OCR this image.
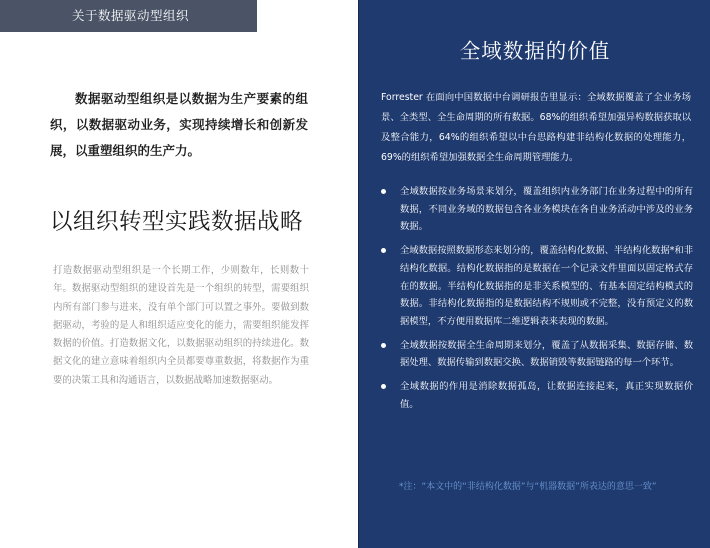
关于数据驱动型组织
数据驱动型组织是以数据为生产要素的组织，以数据驱动业务，实现持续增长和创新发展，以重塑组织的生产力。
以组织转型实践数据战略
打造数据驱动型组织是一个长期工作，少则数年，长则数十年。数据驱动型组织的建设首先是一个组织的转型，需要组织内所有部门参与进来，没有单个部门可以置之事外。要做到数据驱动，考验的是人和组织适应变化的能力，需要组织能发挥数据的价值。打造数据文化，以数据驱动组织的持续进化。数据文化的建立意味着组织内全员都要尊重数据，将数据作为重要的决策工具和沟通语言，以数据战略加速数据驱动。
全域数据的价值
Forrester 在面向中国数据中台调研报告里显示：全域数据覆盖了全业务场景、全类型、全生命周期的所有数据。68%的组织希望加强异构数据获取以及整合能力，64%的组织希望以中台思路构建非结构化数据的处理能力，69%的组织希望加强数据全生命周期管理能力。
全域数据按业务场景来划分，覆盖组织内业务部门在业务过程中的所有数据，不同业务域的数据包含各业务模块在各自业务活动中涉及的业务数据。
全域数据按照数据形态来划分的，覆盖结构化数据、半结构化数据*和非结构化数据。结构化数据指的是数据在一个记录文件里面以固定格式存在的数据。半结构化数据指的是非关系模型的、有基本固定结构模式的数据。非结构化数据指的是数据结构不规则或不完整，没有预定义的数据模型，不方便用数据库二维逻辑表来表现的数据。
全域数据按数据全生命周期来划分，覆盖了从数据采集、数据存储、数据处理、数据传输到数据交换、数据销毁等数据链路的每一个环节。
全域数据的作用是消除数据孤岛，让数据连接起来，真正实现数据价值。
*注：“本文中的“非结构化数据”与“机器数据”所表达的意思一致”
